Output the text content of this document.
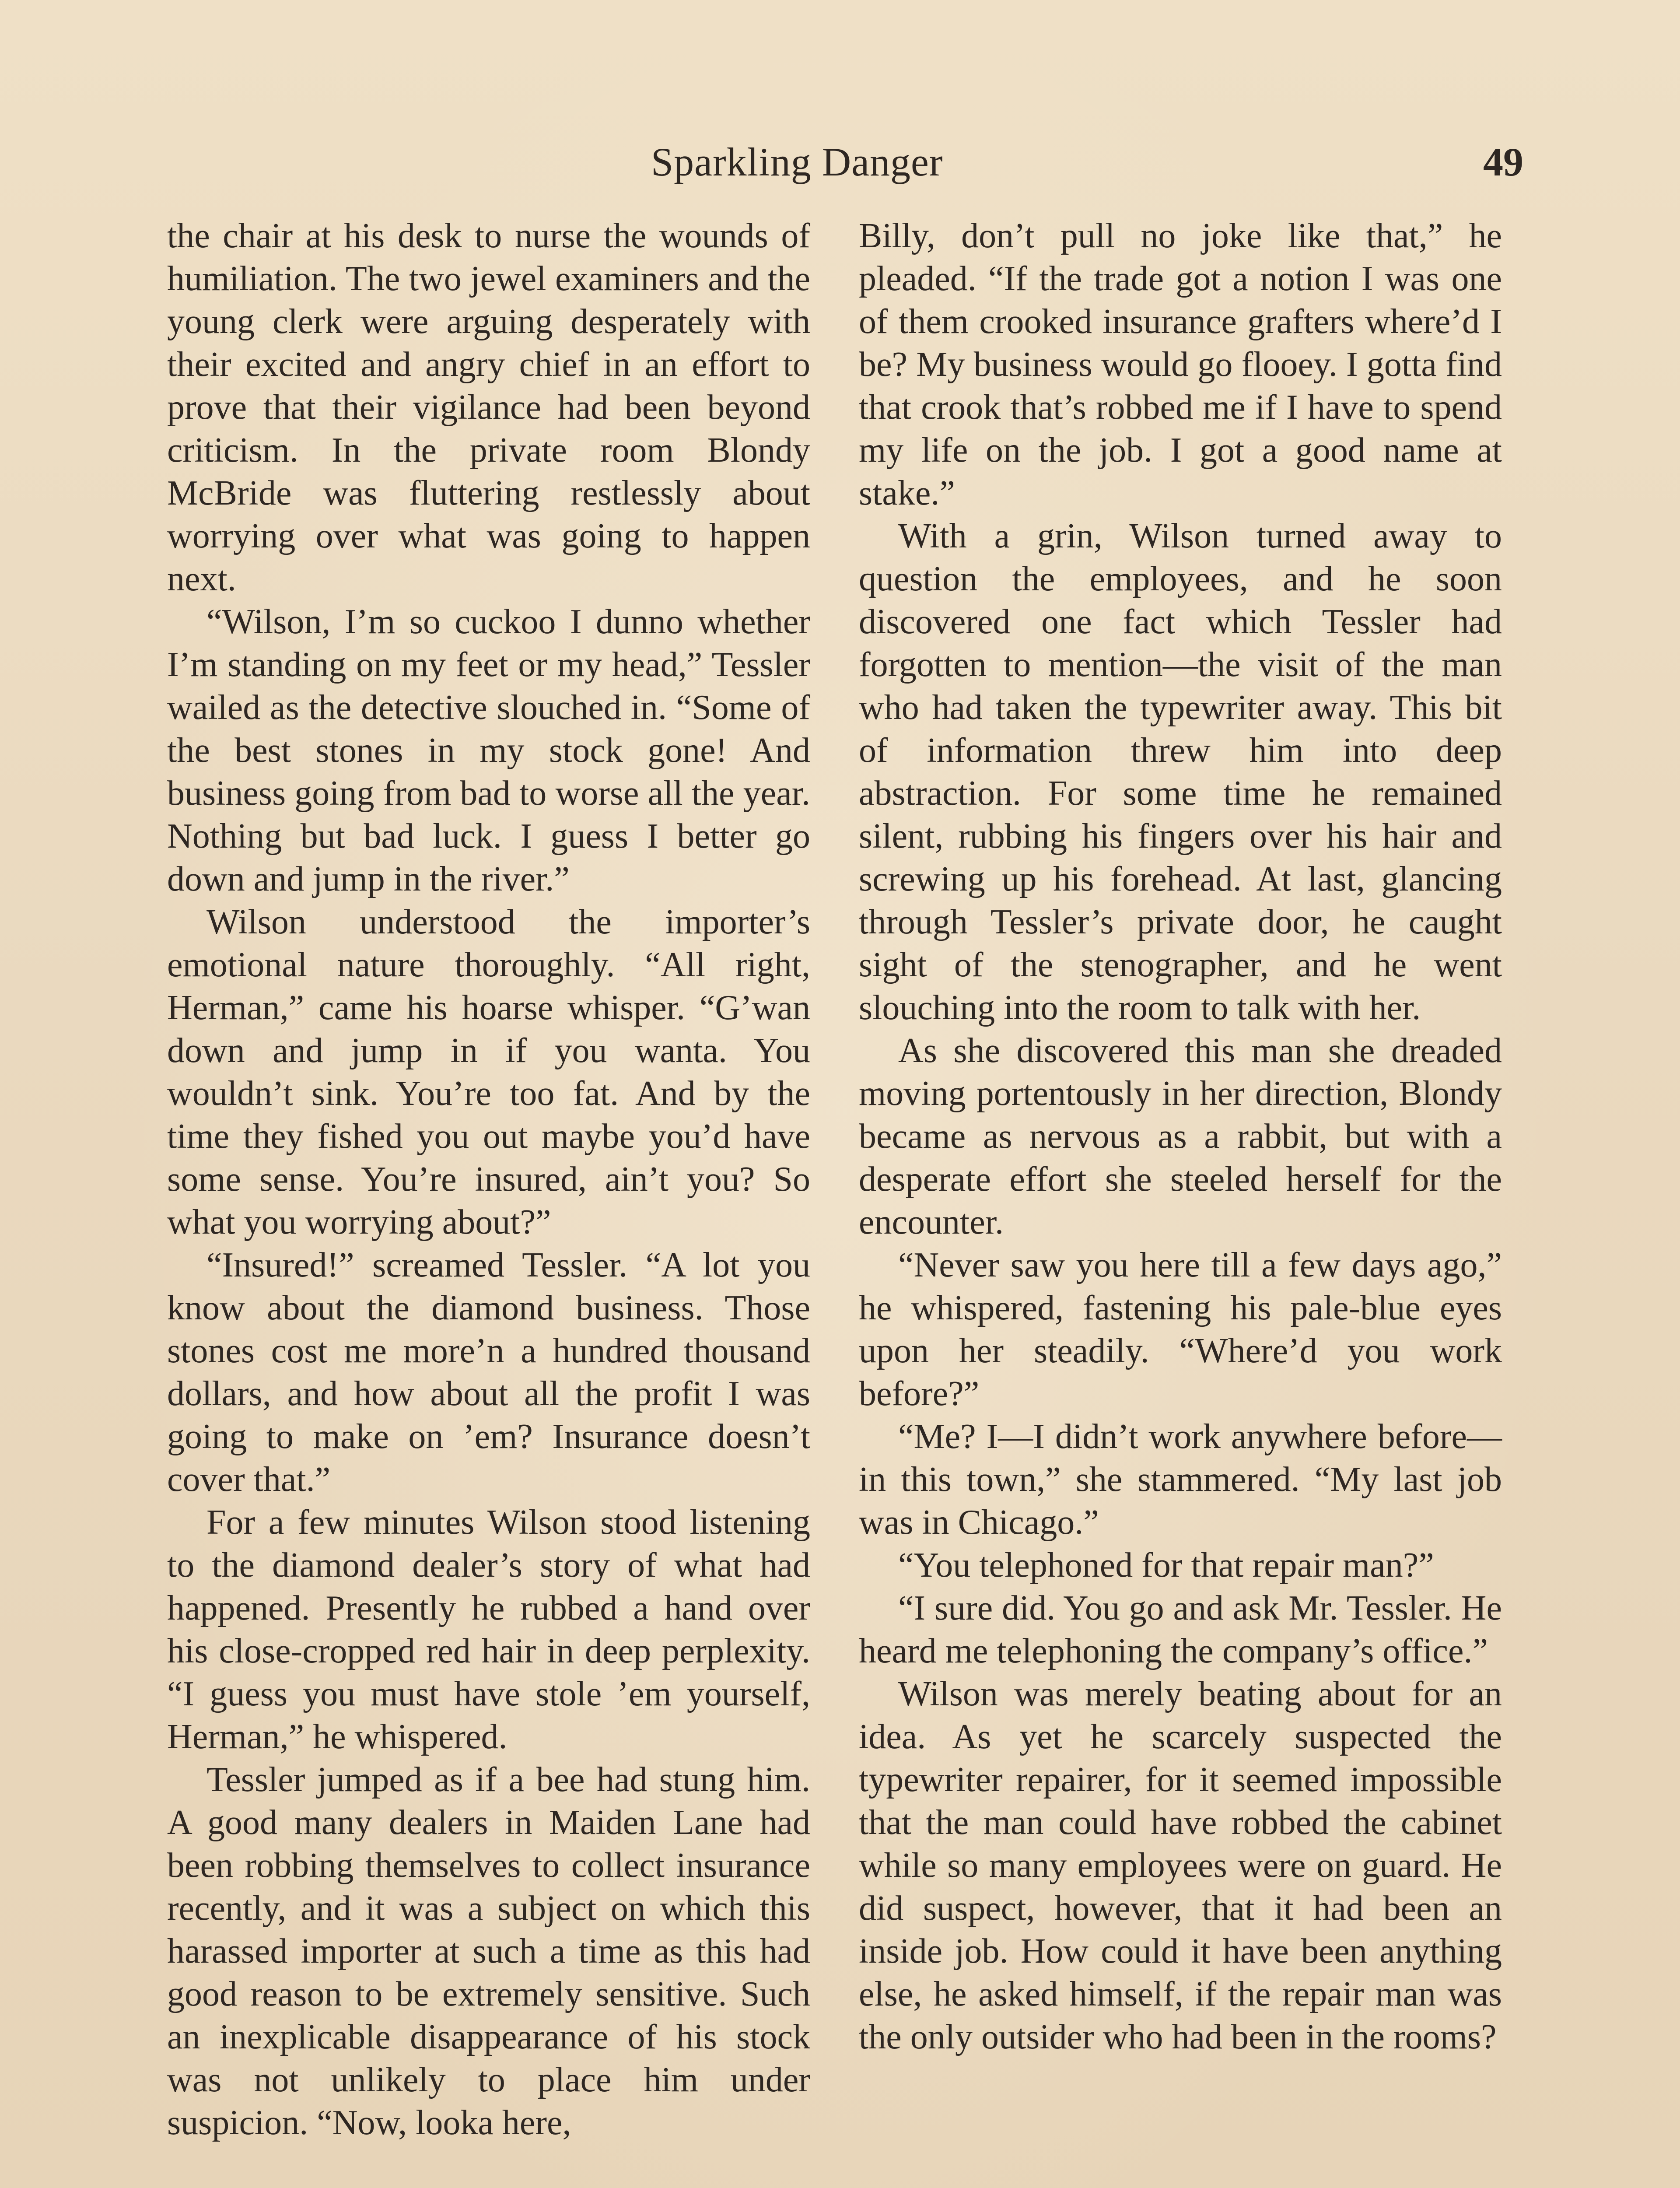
Sparkling Danger	49

the chair at his desk to nurse the wounds of humiliation. The two jewel examiners and the young clerk were arguing desperately with their excited and angry chief in an effort to prove that their vigilance had been beyond criticism. In the private room Blondy McBride was fluttering restlessly about worrying over what was going to happen next.

“Wilson, I’m so cuckoo I dunno whether I’m standing on my feet or my head,” Tessler wailed as the detective slouched in. “Some of the best stones in my stock gone! And business going from bad to worse all the year. Nothing but bad luck. I guess I better go down and jump in the river.”

Wilson understood the importer’s emotional nature thoroughly. “All right, Herman,” came his hoarse whisper. “G’wan down and jump in if you wanta. You wouldn’t sink. You’re too fat. And by the time they fished you out maybe you’d have some sense. You’re insured, ain’t you? So what you worrying about?”

“Insured!” screamed Tessler. “A lot you know about the diamond business. Those stones cost me more’n a hundred thousand dollars, and how about all the profit I was going to make on ’em? Insurance doesn’t cover that.”

For a few minutes Wilson stood listening to the diamond dealer’s story of what had happened. Presently he rubbed a hand over his close-cropped red hair in deep perplexity. “I guess you must have stole ’em yourself, Herman,” he whispered.

Tessler jumped as if a bee had stung him. A good many dealers in Maiden Lane had been robbing themselves to collect insurance recently, and it was a subject on which this harassed importer at such a time as this had good reason to be extremely sensitive. Such an inexplicable disappearance of his stock was not unlikely to place him under suspicion. “Now, looka here,

Billy, don’t pull no joke like that,” he pleaded. “If the trade got a notion I was one of them crooked insurance grafters where’d I be? My business would go flooey. I gotta find that crook that’s robbed me if I have to spend my life on the job. I got a good name at stake.”

With a grin, Wilson turned away to question the employees, and he soon discovered one fact which Tessler had forgotten to mention—the visit of the man who had taken the typewriter away. This bit of information threw him into deep abstraction. For some time he remained silent, rubbing his fingers over his hair and screwing up his forehead. At last, glancing through Tessler’s private door, he caught sight of the stenographer, and he went slouching into the room to talk with her.

As she discovered this man she dreaded moving portentously in her direction, Blondy became as nervous as a rabbit, but with a desperate effort she steeled herself for the encounter.

“Never saw you here till a few days ago,” he whispered, fastening his pale-blue eyes upon her steadily. “Where’d you work before?”

“Me? I—I didn’t work anywhere before—in this town,” she stammered. “My last job was in Chicago.”

“You telephoned for that repair man?”

“I sure did. You go and ask Mr. Tessler. He heard me telephoning the company’s office.”

Wilson was merely beating about for an idea. As yet he scarcely suspected the typewriter repairer, for it seemed impossible that the man could have robbed the cabinet while so many employees were on guard. He did suspect, however, that it had been an inside job. How could it have been anything else, he asked himself, if the repair man was the only outsider who had been in the rooms?
